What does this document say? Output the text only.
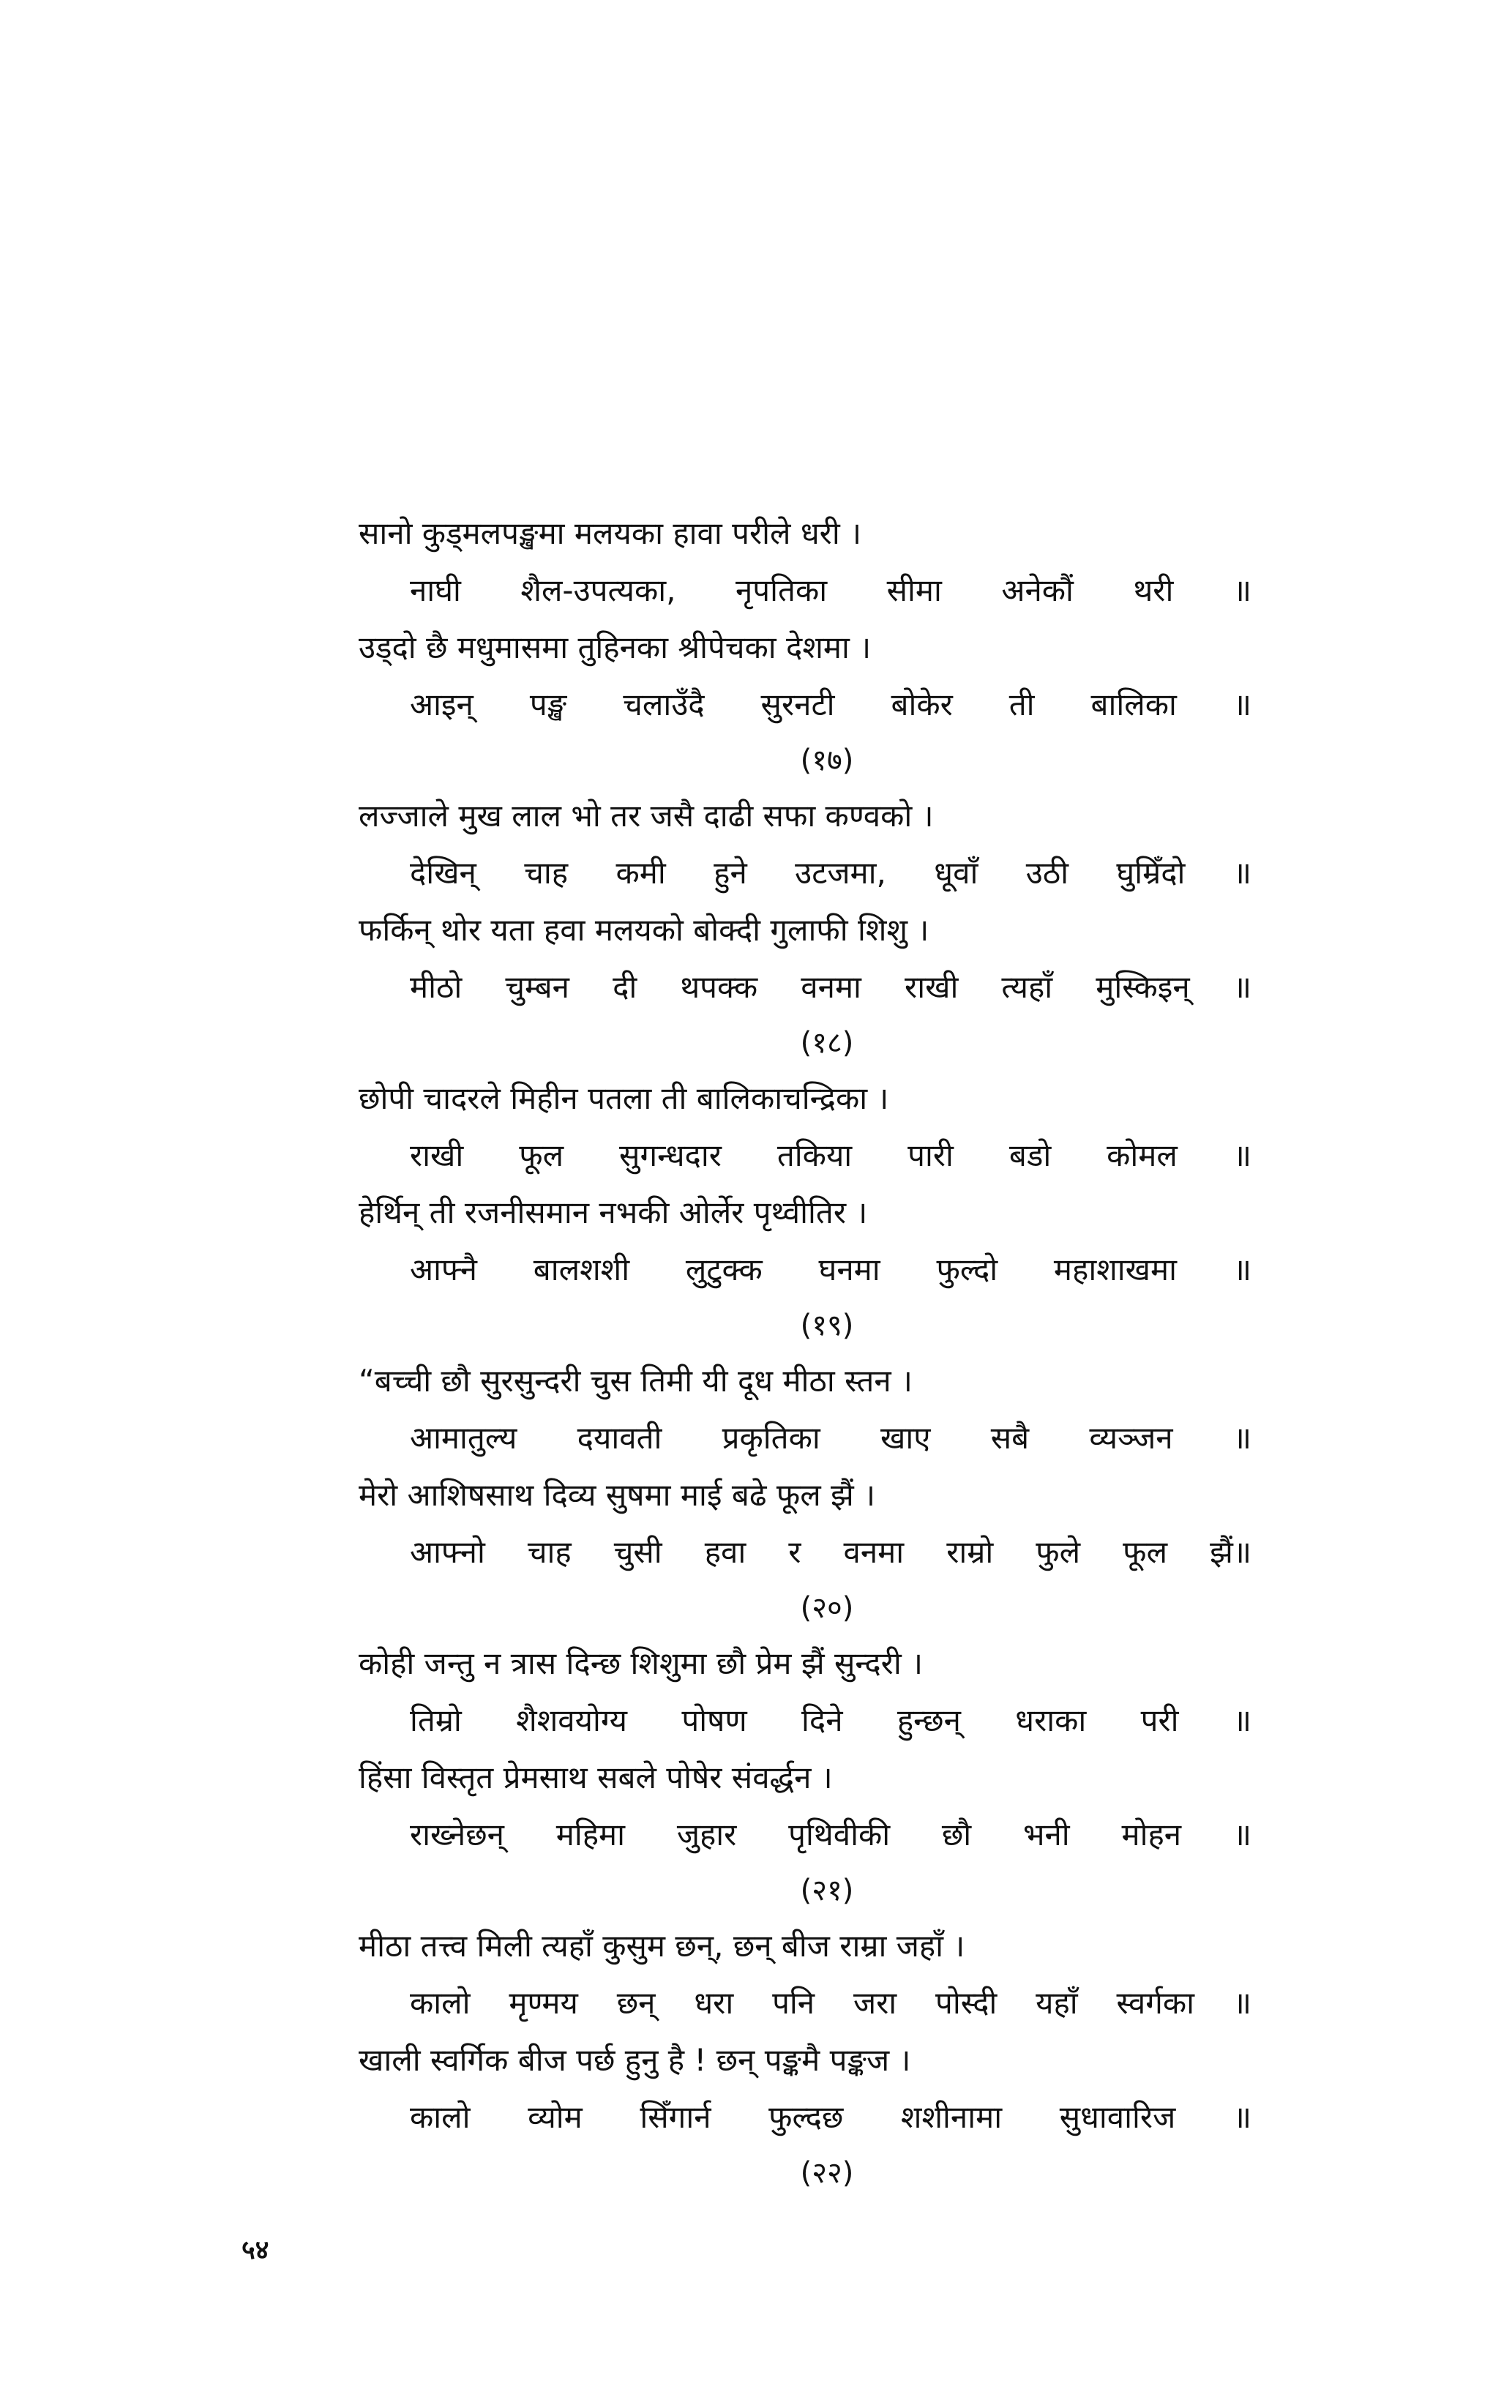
सानो कुड्मलपङ्खमा मलयका हावा परीले धरी ।
नाघी शैल-उपत्यका, नृपतिका सीमा अनेकौं थरी ॥
उड्दो छै मधुमासमा तुहिनका श्रीपेचका देशमा ।
आइन् पङ्ख चलाउँदै सुरनटी बोकेर ती बालिका ॥
(१७)
लज्जाले मुख लाल भो तर जसै दाढी सफा कण्वको ।
देखिन् चाह कमी हुने उटजमा, धूवाँ उठी घुम्रिँदो ॥
फर्किन् थोर यता हवा मलयको बोक्दी गुलाफी शिशु ।
मीठो चुम्बन दी थपक्क वनमा राखी त्यहाँ मुस्किइन् ॥
(१८)
छोपी चादरले मिहीन पतला ती बालिकाचन्द्रिका ।
राखी फूल सुगन्धदार तकिया पारी बडो कोमल ॥
हेर्थिन् ती रजनीसमान नभकी ओर्लेर पृथ्वीतिर ।
आफ्नै बालशशी लुटुक्क घनमा फुल्दो महाशाखमा ॥
(१९)
“बच्ची छौ सुरसुन्दरी चुस तिमी यी दूध मीठा स्तन ।
आमातुल्य दयावती प्रकृतिका खाए सबै व्यञ्जन ॥
मेरो आशिषसाथ दिव्य सुषमा माई बढे फूल झैं ।
आफ्नो चाह चुसी हवा र वनमा राम्रो फुले फूल झैं॥
(२०)
कोही जन्तु न त्रास दिन्छ शिशुमा छौ प्रेम झैं सुन्दरी ।
तिम्रो शैशवयोग्य पोषण दिने हुन्छन् धराका परी ॥
हिंसा विस्तृत प्रेमसाथ सबले पोषेर संवर्द्धन ।
राख्नेछन् महिमा जुहार पृथिवीकी छौ भनी मोहन ॥
(२१)
मीठा तत्त्व मिली त्यहाँ कुसुम छन्, छन् बीज राम्रा जहाँ ।
कालो मृण्मय छन् धरा पनि जरा पोस्दी यहाँ स्वर्गका ॥
खाली स्वर्गिक बीज पर्छ हुनु है ! छन् पङ्कमै पङ्कज ।
कालो व्योम सिँगार्न फुल्दछ शशीनामा सुधावारिज ॥
(२२)
५४
